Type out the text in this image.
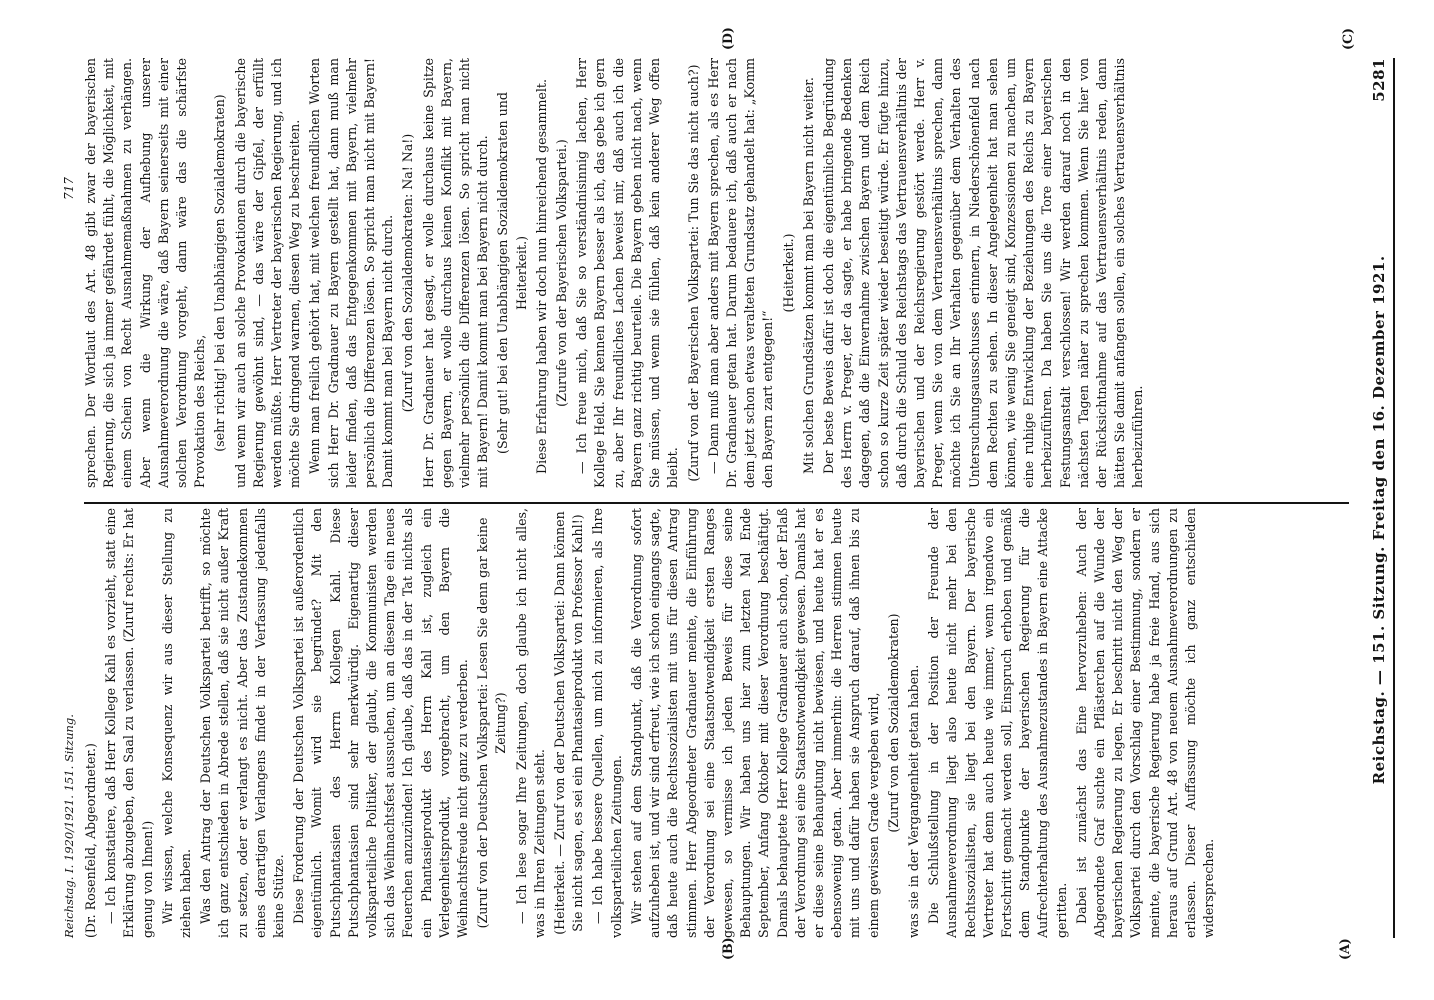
Reichstag. — 151. Sitzung. Freitag den 16. Dezember 1921.
5281
(A)
(B)
(C)
(D)

(Dr. Rosenfeld, Abgeordneter.) — Ich konstatiere, daß Herr Kollege Kahl es vorzieht, statt eine Erklärung abzugeben, den Saal zu verlassen. (Zuruf rechts: Er hat genug von Ihnen!) Wir wissen, welche Konsequenz wir aus dieser Stellung zu ziehen haben. Was den Antrag der Deutschen Volkspartei betrifft, so möchte ich ganz entschieden in Abrede stellen, daß sie nicht außer Kraft zu setzen, oder er verlangt es nicht. Aber das Zustandekommen eines derartigen Verlangens findet in der Verfassung jedenfalls keine Stütze. Diese Forderung der Deutschen Volkspartei ist außerordentlich eigentümlich. Womit wird sie begründet? Mit den Putschphantasien des Herrn Kollegen Kahl. Diese Putschphantasien sind sehr merkwürdig. Eigenartig dieser volksparteiliche Politiker, der glaubt, die Kommunisten werden sich das Weihnachtsfest aussuchen, um an diesem Tage ein neues Feuerchen anzuzünden! Ich glaube, daß das in der Tat nichts als ein Phantasieprodukt des Herrn Kahl ist, zugleich ein Verlegenheitsprodukt, vorgebracht, um den Bayern die Weihnachtsfreude nicht ganz zu verderben. (Zuruf von der Deutschen Volkspartei: Lesen Sie denn gar keine Zeitung?) — Ich lese sogar Ihre Zeitungen, doch glaube ich nicht alles, was in Ihren Zeitungen steht. (Heiterkeit. — Zuruf von der Deutschen Volkspartei: Dann können Sie nicht sagen, es sei ein Phantasieprodukt von Professor Kahl!) — Ich habe bessere Quellen, um mich zu informieren, als Ihre volksparteilichen Zeitungen. Wir stehen auf dem Standpunkt, daß die Verordnung sofort aufzuheben ist, und wir sind erfreut, wie ich schon eingangs sagte, daß heute auch die Rechtssozialisten mit uns für diesen Antrag stimmen. Herr Abgeordneter Gradnauer meinte, die Einführung der Verordnung sei eine Staatsnotwendigkeit ersten Ranges gewesen, so vermisse ich jeden Beweis für diese seine Behauptungen. Wir haben uns hier zum letzten Mal Ende September, Anfang Oktober mit dieser Verordnung beschäftigt. Damals behauptete Herr Kollege Gradnauer auch schon, der Erlaß der Verordnung sei eine Staatsnotwendigkeit gewesen. Damals hat er diese seine Behauptung nicht bewiesen, und heute hat er es ebensowenig getan. Aber immerhin: die Herren stimmen heute mit uns und dafür haben sie Anspruch darauf, daß ihnen bis zu einem gewissen Grade vergeben wird, (Zuruf von den Sozialdemokraten) was sie in der Vergangenheit getan haben. Die Schlußstellung in der Position der Freunde der Ausnahmeverordnung liegt also heute nicht mehr bei den Rechtssozialisten, sie liegt bei den Bayern. Der bayerische Vertreter hat denn auch heute wie immer, wenn irgendwo ein Fortschritt gemacht werden soll, Einspruch erhoben und gemäß dem Standpunkte der bayerischen Regierung für die Aufrechterhaltung des Ausnahmezustandes in Bayern eine Attacke geritten. Dabei ist zunächst das Eine hervorzuheben: Auch der Abgeordnete Graf suchte ein Pflästerchen auf die Wunde der bayerischen Regierung zu legen. Er beschritt nicht den Weg der Volkspartei durch den Vorschlag einer Bestimmung, sondern er meinte, die bayerische Regierung habe ja freie Hand, aus sich heraus auf Grund Art. 48 von neuem Ausnahmeverordnungen zu erlassen. Dieser Auffassung möchte ich ganz entschieden widersprechen.

sprechen. Der Wortlaut des Art. 48 gibt zwar der bayerischen Regierung, die sich ja immer gefährdet fühlt, die Möglichkeit, mit einem Schein von Recht Ausnahmemaßnahmen zu verhängen. Aber wenn die Wirkung der Aufhebung unserer Ausnahmeverordnung die wäre, daß Bayern seinerseits mit einer solchen Verordnung vorgeht, dann wäre das die schärfste Provokation des Reichs, (sehr richtig! bei den Unabhängigen Sozialdemokraten) und wenn wir auch an solche Provokationen durch die bayerische Regierung gewöhnt sind, — das wäre der Gipfel, der erfüllt werden müßte. Herr Vertreter der bayerischen Regierung, und ich möchte Sie dringend warnen, diesen Weg zu beschreiten. Wenn man freilich gehört hat, mit welchen freundlichen Worten sich Herr Dr. Gradnauer zu Bayern gestellt hat, dann muß man leider finden, daß das Entgegenkommen mit Bayern, vielmehr persönlich die Differenzen lösen. So spricht man nicht mit Bayern! Damit kommt man bei Bayern nicht durch. (Zuruf von den Sozialdemokraten: Na! Na!) Herr Dr. Gradnauer hat gesagt, er wolle durchaus keine Spitze gegen Bayern, er wolle durchaus keinen Konflikt mit Bayern, vielmehr persönlich die Differenzen lösen. So spricht man nicht mit Bayern! Damit kommt man bei Bayern nicht durch. (Sehr gut! bei den Unabhängigen Sozialdemokraten und Heiterkeit.) Diese Erfahrung haben wir doch nun hinreichend gesammelt. (Zurufe von der Bayerischen Volkspartei.) — Ich freue mich, daß Sie so verständnisinnig lachen, Herr Kollege Held. Sie kennen Bayern besser als ich, das gebe ich gern zu, aber Ihr freundliches Lachen beweist mir, daß auch ich die Bayern ganz richtig beurteile. Die Bayern geben nicht nach, wenn Sie müssen, und wenn sie fühlen, daß kein anderer Weg offen bleibt. (Zuruf von der Bayerischen Volkspartei: Tun Sie das nicht auch?) — Dann muß man aber anders mit Bayern sprechen, als es Herr Dr. Gradnauer getan hat. Darum bedauere ich, daß auch er nach dem jetzt schon etwas veralteten Grundsatz gehandelt hat: „Komm den Bayern zart entgegen!“

(Heiterkeit.) Mit solchen Grundsätzen kommt man bei Bayern nicht weiter. Der beste Beweis dafür ist doch die eigentümliche Begründung des Herrn v. Preger, der da sagte, er habe bringende Bedenken dagegen, daß die Einvernahme zwischen Bayern und dem Reich schon so kurze Zeit später wieder beseitigt würde. Er fügte hinzu, daß durch die Schuld des Reichstags das Vertrauensverhältnis der bayerischen und der Reichsregierung gestört werde. Herr v. Preger, wenn Sie von dem Vertrauensverhältnis sprechen, dann möchte ich Sie an Ihr Verhalten gegenüber dem Verhalten des Untersuchungsausschusses erinnern, in Niederschönenfeld nach dem Rechten zu sehen. In dieser Angelegenheit hat man sehen können, wie wenig Sie geneigt sind, Konzessionen zu machen, um eine ruhige Entwicklung der Beziehungen des Reichs zu Bayern herbeizuführen. Da haben Sie uns die Tore einer bayerischen Festungsanstalt verschlossen! Wir werden darauf noch in den nächsten Tagen näher zu sprechen kommen. Wenn Sie hier von der Rücksichtnahme auf das Vertrauensverhältnis reden, dann hätten Sie damit anfangen sollen, ein solches Vertrauensverhältnis herbeizuführen.

Reichstag. I. 1920/1921. 151. Sitzung.
717
